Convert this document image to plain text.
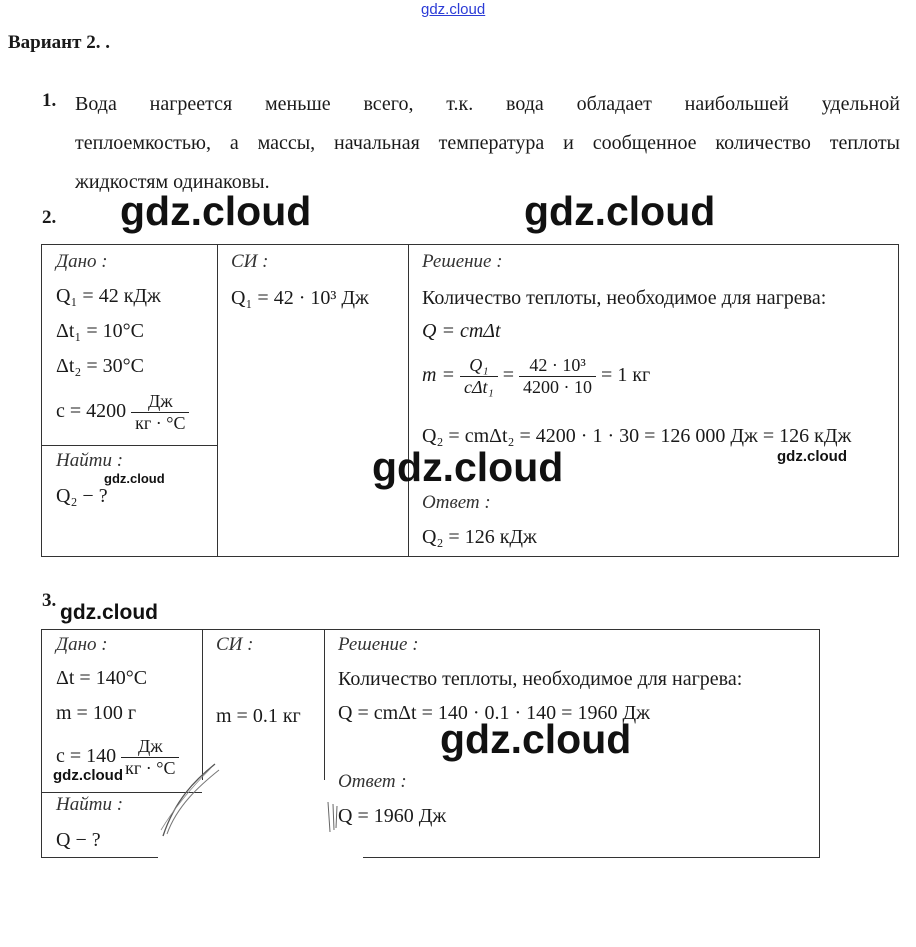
gdz.cloud
Вариант 2. .
1. Вода нагреется меньше всего, т.к. вода обладает наибольшей удельной
теплоемкостью, а массы, начальная температура и сообщенное количество теплоты
жидкостям одинаковы.
2. gdz.cloud	gdz.cloud
Дано :
Q₁ = 42 кДж
Δt₁ = 10°C
Δt₂ = 30°C
$c = 4200 \frac{Дж}{кг \cdot ^\circ C}$
Найти :
Q₂ − ?
gdz.cloud
СИ :
Q₁ = 42 · 10³ Дж
Решение :
Количество теплоты, необходимое для нагрева:
Q = cmΔt
$m = \frac{\text{Q₁}}{\text{cΔt₁}} = \frac{\text{42 · 10³}}{4200 \cdot 10} = 1$ кг
Q₂ = cmΔt₂ = 4200 · 1 · 30 = 126 000 Дж = 126 кДж
gdz.cloud
Ответ :
Q₂ = 126 кДж
gdz.cloud
3.
gdz.cloud
Дано :
Δt = 140°C
m = 100 г
$c = 140 \frac{Дж}{кг \cdot ^\circ C}$
gdz.cloud
Найти :
Q − ?
СИ :
m = 0.1 кг
Решение :
Количество теплоты, необходимое для нагрева:
Q = cmΔt = 140 · 0.1 · 140 = 1960 Дж
Ответ :
Q = 1960 Дж
gdz.cloud
